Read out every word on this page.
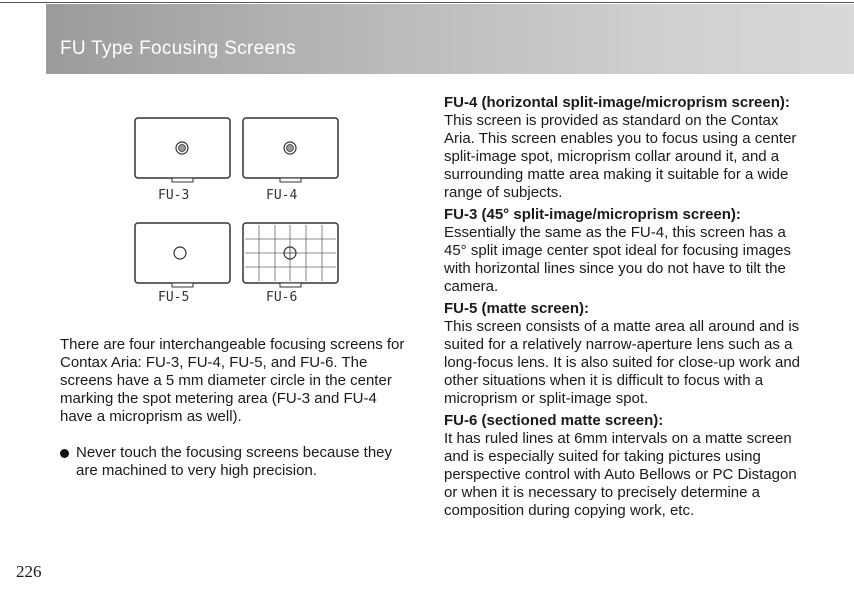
FU Type Focusing Screens
FU-3	FU-4
FU-5	FU-6

There are four interchangeable focusing screens for Contax Aria: FU-3, FU-4, FU-5, and FU-6. The screens have a 5 mm diameter circle in the center marking the spot metering area (FU-3 and FU-4 have a microprism as well).

Never touch the focusing screens because they are machined to very high precision.
FU-4 (horizontal split-image/microprism screen):

This screen is provided as standard on the Contax Aria. This screen enables you to focus using a center split-image spot, microprism collar around it, and a surrounding matte area making it suitable for a wide range of subjects.

FU-3 (45° split-image/microprism screen):

Essentially the same as the FU-4, this screen has a 45° split image center spot ideal for focusing images with horizontal lines since you do not have to tilt the camera.

FU-5 (matte screen):

This screen consists of a matte area all around and is suited for a relatively narrow-aperture lens such as a long-focus lens. It is also suited for close-up work and other situations when it is difficult to focus with a microprism or split-image spot.

FU-6 (sectioned matte screen):

It has ruled lines at 6mm intervals on a matte screen and is especially suited for taking pictures using perspective control with Auto Bellows or PC Distagon or when it is necessary to precisely determine a composition during copying work, etc.

226
